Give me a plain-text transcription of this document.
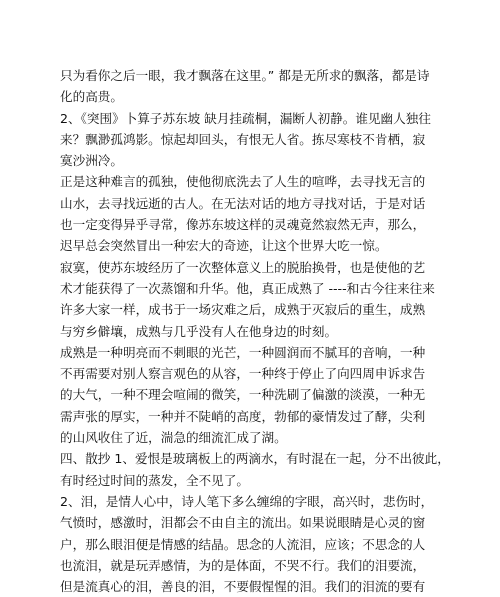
只为看你之后一眼，我才飘落在这里。” 都是无所求的飘落，都是诗
化的高贵。
2、《突围》卜算子苏东坡 缺月挂疏桐，漏断人初静。谁见幽人独往
来？飘渺孤鸿影。惊起却回头，有恨无人省。拣尽寒枝不肯栖，寂
寞沙洲冷。
正是这种难言的孤独，使他彻底洗去了人生的喧哗，去寻找无言的
山水，去寻找远逝的古人。在无法对话的地方寻找对话，于是对话
也一定变得异乎寻常，像苏东坡这样的灵魂竟然寂然无声，那么，
迟早总会突然冒出一种宏大的奇迹，让这个世界大吃一惊。
寂寞，使苏东坡经历了一次整体意义上的脱胎换骨，也是使他的艺
术才能获得了一次蒸馏和升华。他，真正成熟了 ----和古今往来往来
许多大家一样，成书于一场灾难之后，成熟于灭寂后的重生，成熟
与穷乡僻壤，成熟与几乎没有人在他身边的时刻。
成熟是一种明亮而不刺眼的光芒，一种圆润而不腻耳的音响，一种
不再需要对别人察言观色的从容，一种终于停止了向四周申诉求告
的大气，一种不理会喧闹的微笑，一种洗刷了偏激的淡漠，一种无
需声张的厚实，一种并不陡峭的高度，勃郁的豪情发过了酵，尖利
的山风收住了近，湍急的细流汇成了湖。
四、散抄 1、爱恨是玻璃板上的两滴水，有时混在一起，分不出彼此，
有时经过时间的蒸发，全不见了。
2、泪，是情人心中，诗人笔下多么缠绵的字眼，高兴时，悲伤时，
气愤时，感激时，泪都会不由自主的流出。如果说眼睛是心灵的窗
户，那么眼泪便是情感的结晶。思念的人流泪，应该；不思念的人
也流泪，就是玩弄感情，为的是体面，不哭不行。我们的泪要流，
但是流真心的泪，善良的泪，不要假惺惺的泪。我们的泪流的要有
